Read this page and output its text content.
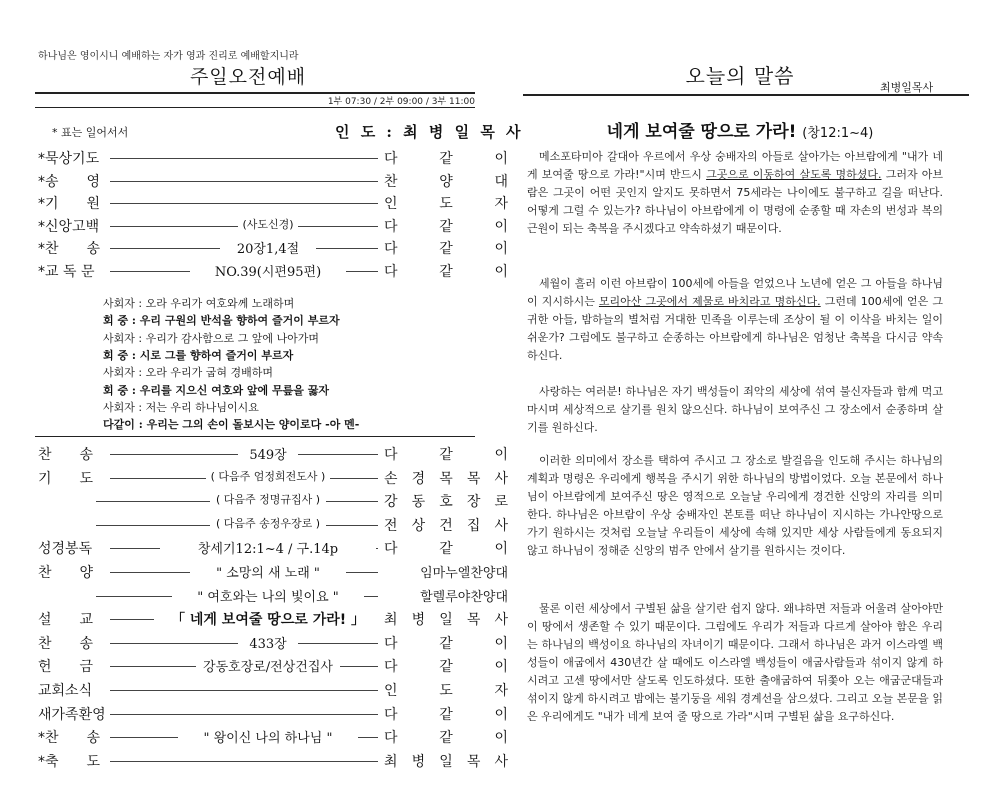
하나님은 영이시니 예배하는 자가 영과 진리로 예배할지니라
주일오전예배
1부 07:30 / 2부 09:00 / 3부 11:00
* 표는 일어서서	인 도 : 최 병 일 목 사
*묵상기도	다	같	이
*송　　영	찬	양	대
*기　　원	인	도	자
*신앙고백	(사도신경)	다	같	이
*찬　　송	20장1,4절	다	같	이
*교 독 문	NO.39(시편95편)	다	같	이
사회자 : 오라 우리가 여호와께 노래하며
회 중 : 우리 구원의 반석을 향하여 즐거이 부르자
사회자 : 우리가 감사함으로 그 앞에 나아가며
회 중 : 시로 그를 향하여 즐거이 부르자
사회자 : 오라 우리가 굽혀 경배하며
회 중 : 우리를 지으신 여호와 앞에 무릎을 꿇자
사회자 : 저는 우리 하나님이시요
다같이 : 우리는 그의 손이 돌보시는 양이로다 -아 멘-
찬　　송	549장	다	같	이
기　　도	( 다음주 엄정희전도사 )	손 경 목 목 사
( 다음주 정명규집사 )	강 동 호 장 로
( 다음주 송정우장로 )	전 상 건 집 사
성경봉독	창세기12:1~4 / 구.14p	다	같	이
찬　　양	" 소망의 새 노래 "	임마누엘찬양대
" 여호와는 나의 빛이요 "	할렐루야찬양대
설　　교	「 네게 보여줄 땅으로 가라! 」	최 병 일 목 사
찬　　송	433장	다	같	이
헌　　금	강동호장로/전상건집사	다	같	이
교회소식	인	도	자
새가족환영	다	같	이
*찬　　송	" 왕이신 나의 하나님 "	다	같	이
*축　　도	최 병 일 목 사
오늘의 말씀	최병일목사
네게 보여줄 땅으로 가라! (창12:1~4)
메소포타미아 갈대아 우르에서 우상 숭배자의 아들로 살아가는 아브람에게 "내가 네게 보여줄 땅으로 가라!"시며 반드시 그곳으로 이동하여 살도록 명하셨다. 그러자 아브람은 그곳이 어떤 곳인지 알지도 못하면서 75세라는 나이에도 불구하고 길을 떠난다. 어떻게 그럴 수 있는가? 하나님이 아브람에게 이 명령에 순종할 때 자손의 번성과 복의 근원이 되는 축복을 주시겠다고 약속하셨기 때문이다.
세월이 흘러 이런 아브람이 100세에 아들을 얻었으나 노년에 얻은 그 아들을 하나님이 지시하시는 모리아산 그곳에서 제물로 바치라고 명하신다. 그런데 100세에 얻은 그 귀한 아들, 밤하늘의 별처럼 거대한 민족을 이루는데 조상이 될 이 이삭을 바치는 일이 쉬운가? 그럼에도 불구하고 순종하는 아브람에게 하나님은 엄청난 축복을 다시금 약속하신다.
사랑하는 여러분! 하나님은 자기 백성들이 죄악의 세상에 섞여 불신자들과 함께 먹고 마시며 세상적으로 살기를 원치 않으신다. 하나님이 보여주신 그 장소에서 순종하며 살기를 원하신다.
이러한 의미에서 장소를 택하여 주시고 그 장소로 발걸음을 인도해 주시는 하나님의 계획과 명령은 우리에게 행복을 주시기 위한 하나님의 방법이었다. 오늘 본문에서 하나님이 아브람에게 보여주신 땅은 영적으로 오늘날 우리에게 경건한 신앙의 자리를 의미한다. 하나님은 아브람이 우상 숭배자인 본토를 떠난 하나님이 지시하는 가나안땅으로 가기 원하시는 것처럼 오늘날 우리들이 세상에 속해 있지만 세상 사람들에게 동요되지 않고 하나님이 정해준 신앙의 범주 안에서 살기를 원하시는 것이다.
물론 이런 세상에서 구별된 삶을 살기란 쉽지 않다. 왜냐하면 저들과 어울려 살아야만 이 땅에서 생존할 수 있기 때문이다. 그럼에도 우리가 저들과 다르게 살아야 함은 우리는 하나님의 백성이요 하나님의 자녀이기 때문이다. 그래서 하나님은 과거 이스라엘 백성들이 애굽에서 430년간 살 때에도 이스라엘 백성들이 애굽사람들과 섞이지 않게 하시려고 고센 땅에서만 살도록 인도하셨다. 또한 출애굽하여 뒤쫓아 오는 애굽군대들과 섞이지 않게 하시려고 밤에는 불기둥을 세워 경계선을 삼으셨다. 그리고 오늘 본문을 읽은 우리에게도 "내가 네게 보여 줄 땅으로 가라"시며 구별된 삶을 요구하신다.
